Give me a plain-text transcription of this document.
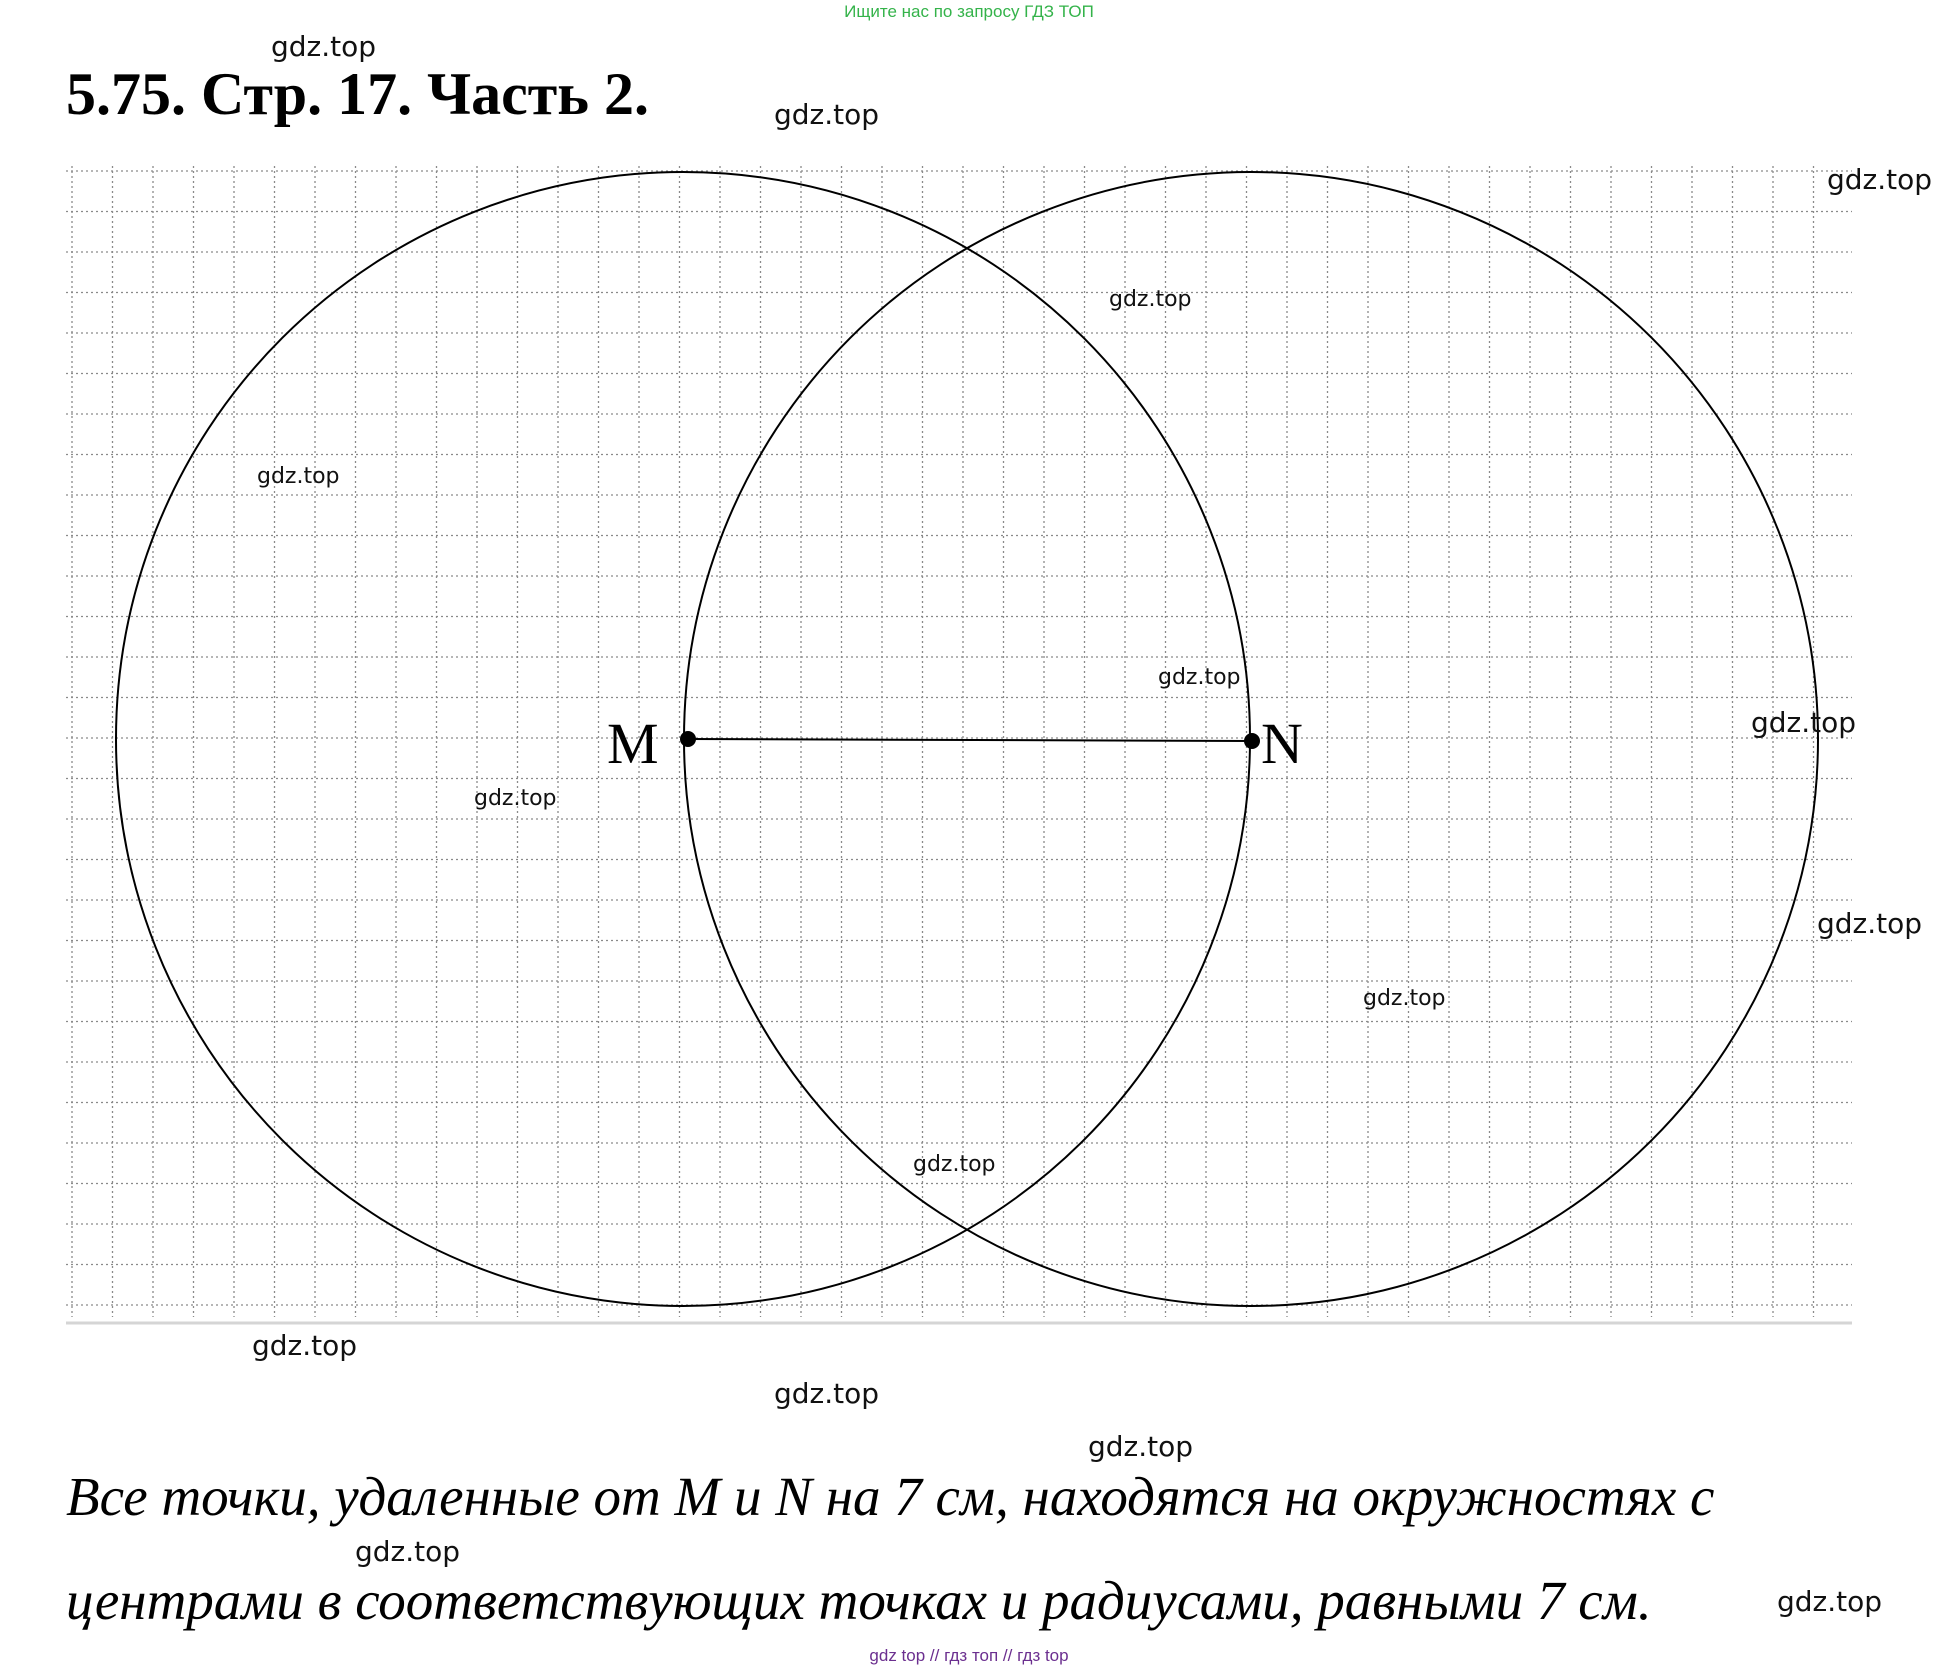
Ищите нас по запросу ГДЗ ТОП
5.75. Стр. 17. Часть 2.
M	N
gdz.top
gdz.top
gdz.top
gdz.top
gdz.top
gdz.top
gdz.top
gdz.top
gdz.top
gdz.top
gdz.top
gdz.top
gdz.top
gdz.top
gdz.top
gdz.top
Все точки, удаленные от M и N на 7 см, находятся на окружностях с
центрами в соответствующих точках и радиусами, равными 7 см.
gdz top // гдз топ // гдз top
